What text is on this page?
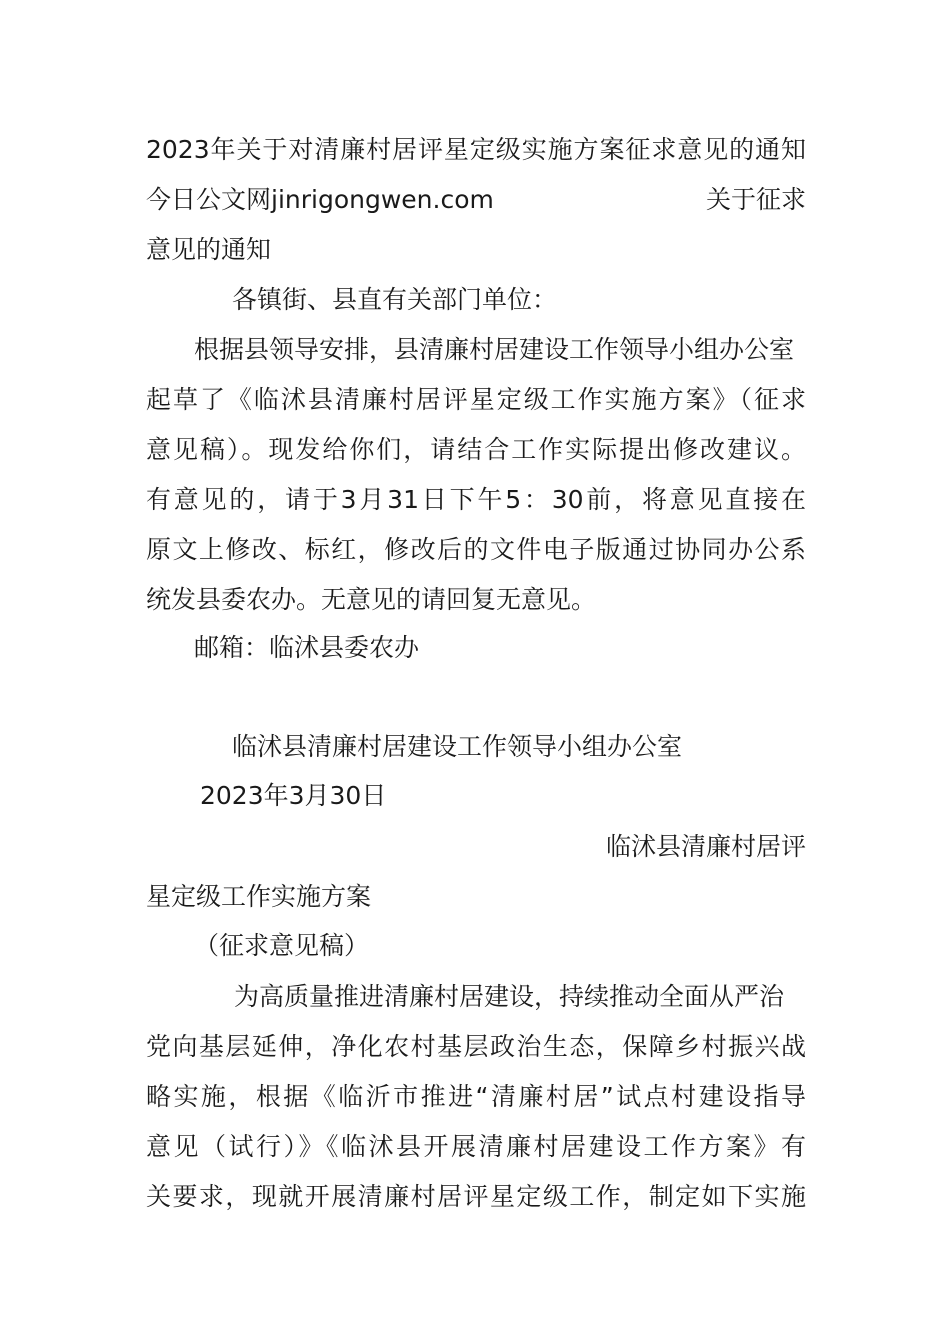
2023年关于对清廉村居评星定级实施方案征求意见的通知
今日公文网jinrigongwen.com	关于征求
意见的通知
各镇街、县直有关部门单位：
根据县领导安排，县清廉村居建设工作领导小组办公室
起草了《临沭县清廉村居评星定级工作实施方案》（征求
意见稿）。现发给你们，请结合工作实际提出修改建议。
有意见的，请于3月31日下午5：30前，将意见直接在
原文上修改、标红，修改后的文件电子版通过协同办公系
统发县委农办。无意见的请回复无意见。
邮箱：临沭县委农办
临沭县清廉村居建设工作领导小组办公室
2023年3月30日
临沭县清廉村居评
星定级工作实施方案
（征求意见稿）
为高质量推进清廉村居建设，持续推动全面从严治
党向基层延伸，净化农村基层政治生态，保障乡村振兴战
略实施，根据《临沂市推进“清廉村居”试点村建设指导
意见（试行）》《临沭县开展清廉村居建设工作方案》有
关要求，现就开展清廉村居评星定级工作，制定如下实施
